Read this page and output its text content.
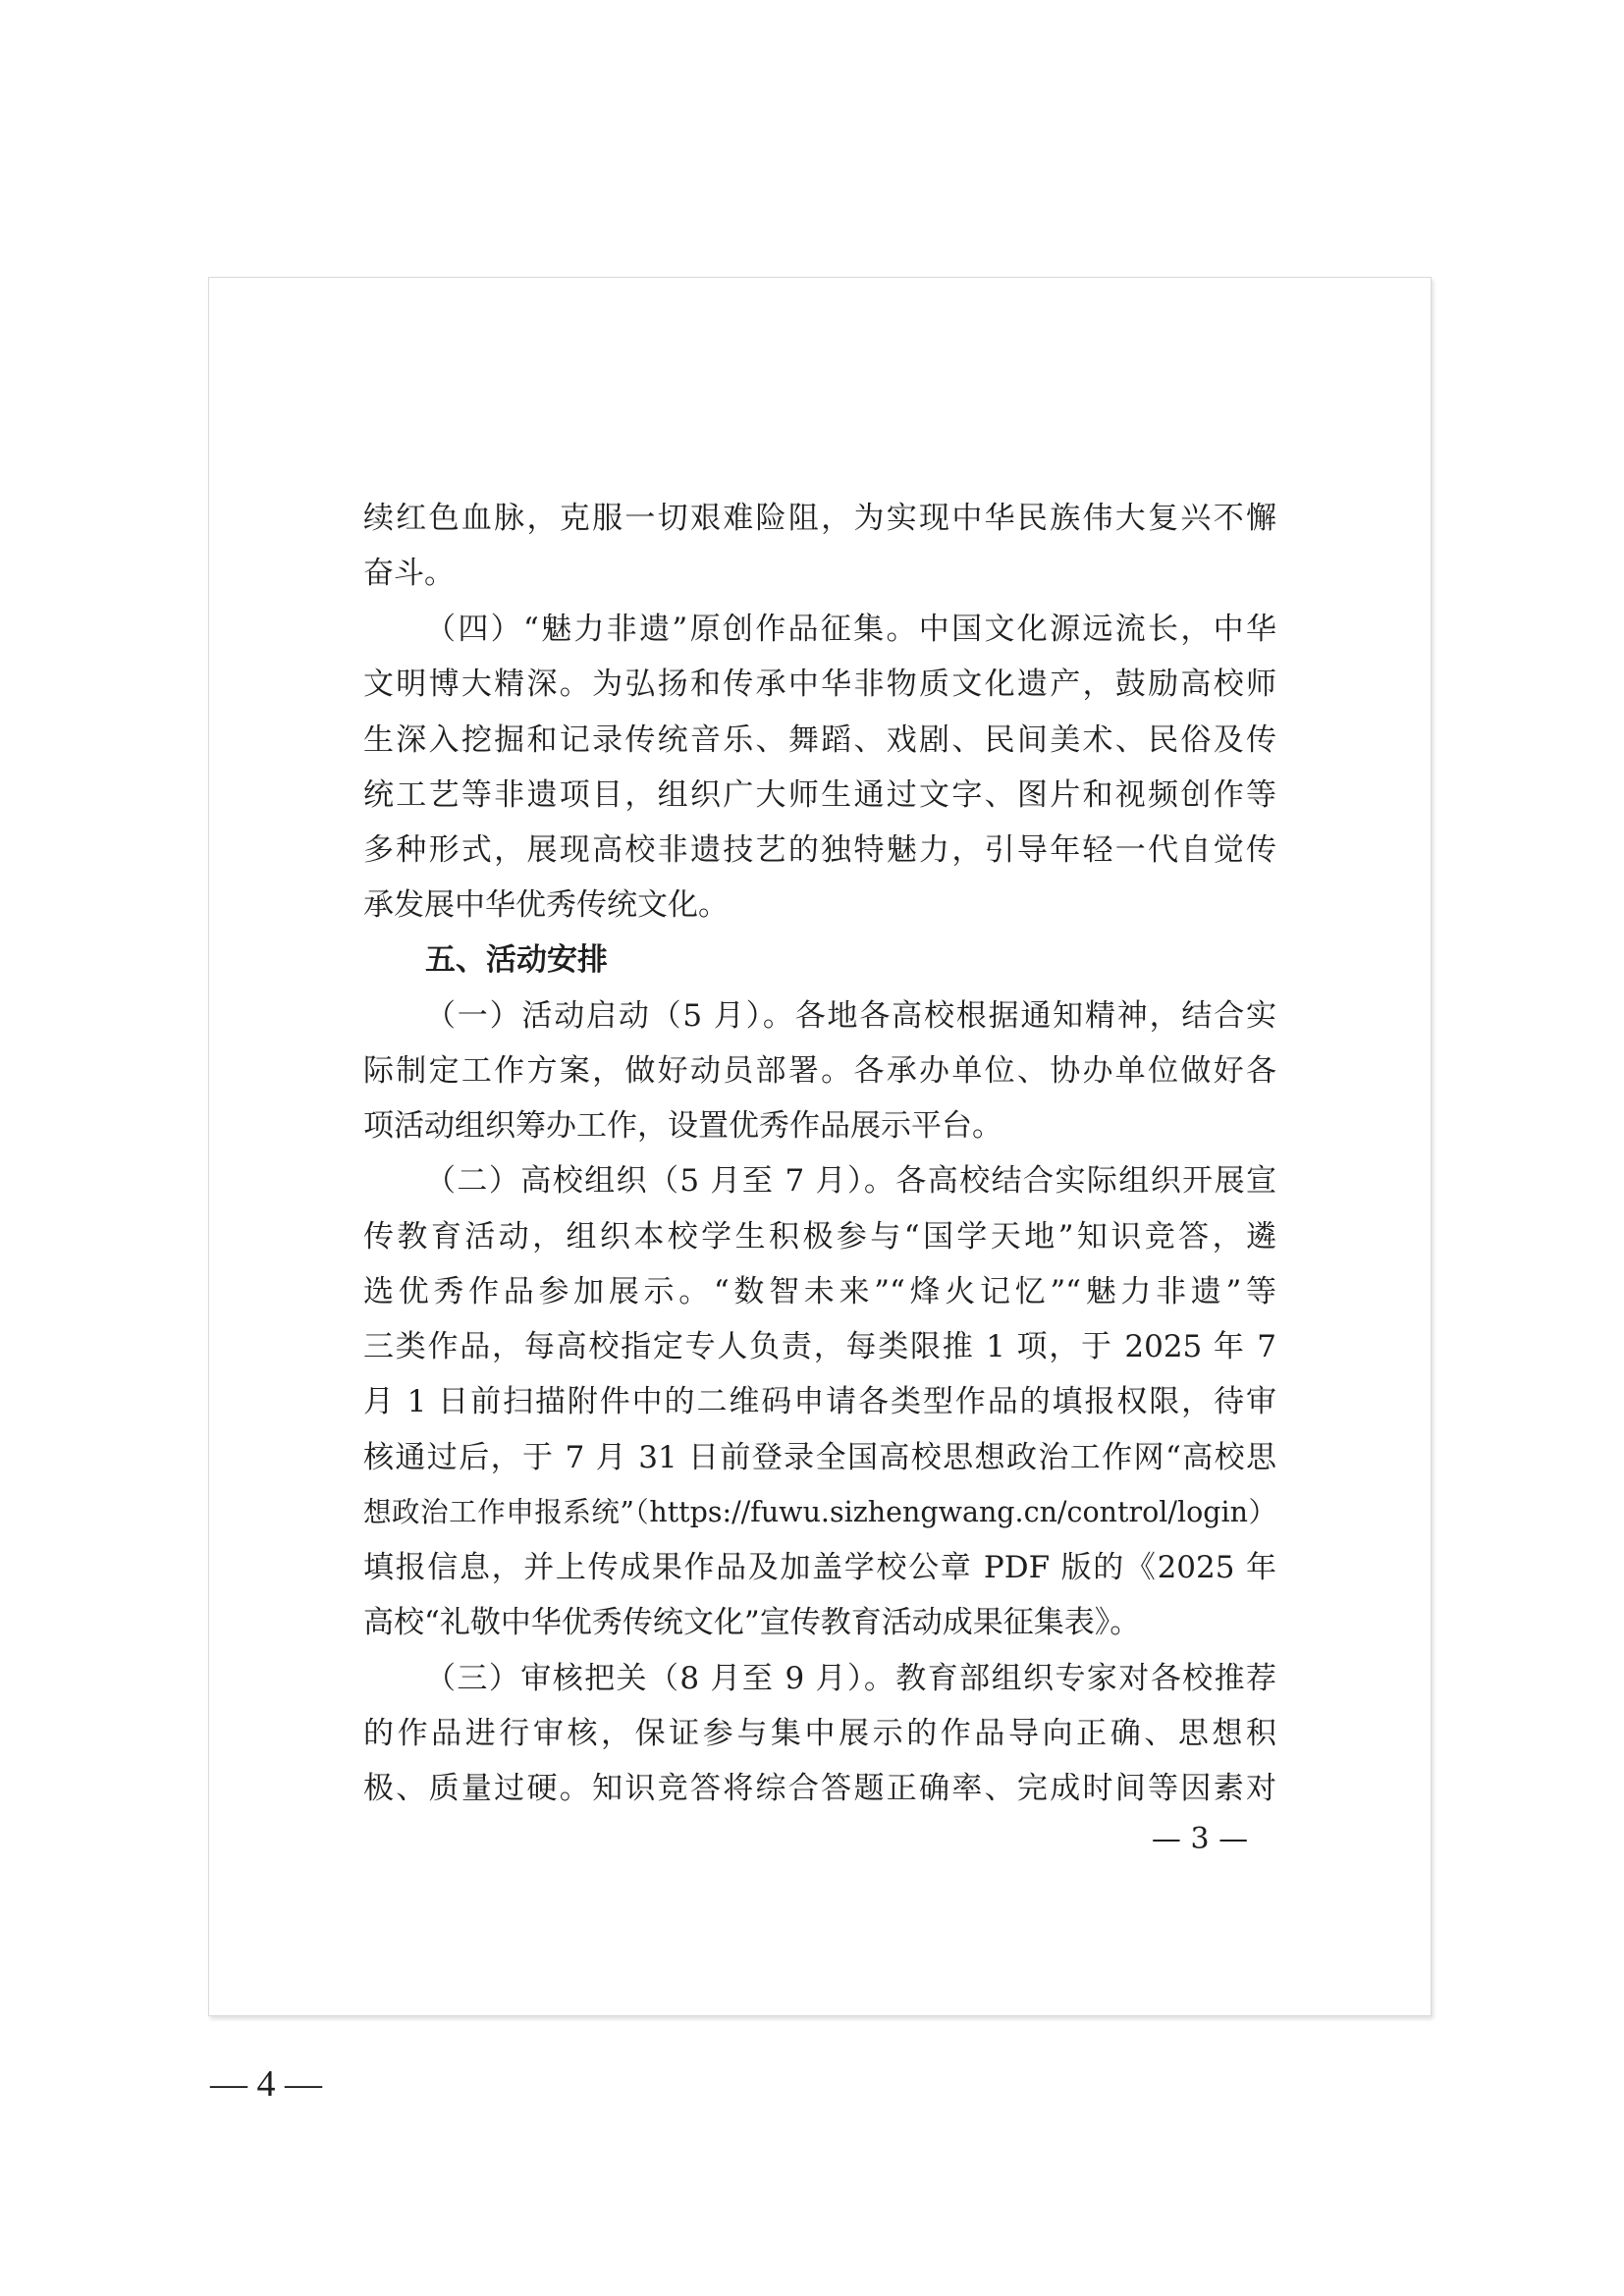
续红色血脉，克服一切艰难险阻，为实现中华民族伟大复兴不懈
奋斗。
（四）“魅力非遗”原创作品征集。中国文化源远流长，中华
文明博大精深。为弘扬和传承中华非物质文化遗产，鼓励高校师
生深入挖掘和记录传统音乐、舞蹈、戏剧、民间美术、民俗及传
统工艺等非遗项目，组织广大师生通过文字、图片和视频创作等
多种形式，展现高校非遗技艺的独特魅力，引导年轻一代自觉传
承发展中华优秀传统文化。
五、活动安排
（一）活动启动（5 月）。各地各高校根据通知精神，结合实
际制定工作方案，做好动员部署。各承办单位、协办单位做好各
项活动组织筹办工作，设置优秀作品展示平台。
（二）高校组织（5 月至 7 月）。各高校结合实际组织开展宣
传教育活动，组织本校学生积极参与“国学天地”知识竞答，遴
选优秀作品参加展示。“数智未来”“烽火记忆”“魅力非遗”等
三类作品，每高校指定专人负责，每类限推 1 项，于 2025 年 7
月 1 日前扫描附件中的二维码申请各类型作品的填报权限，待审
核通过后，于 7 月 31 日前登录全国高校思想政治工作网“高校思
想政治工作申报系统”（https://fuwu.sizhengwang.cn/control/login）
填报信息，并上传成果作品及加盖学校公章 PDF 版的《2025 年
高校“礼敬中华优秀传统文化”宣传教育活动成果征集表》。
（三）审核把关（8 月至 9 月）。教育部组织专家对各校推荐
的作品进行审核，保证参与集中展示的作品导向正确、思想积
极、质量过硬。知识竞答将综合答题正确率、完成时间等因素对
— 3 —
— 4 —
